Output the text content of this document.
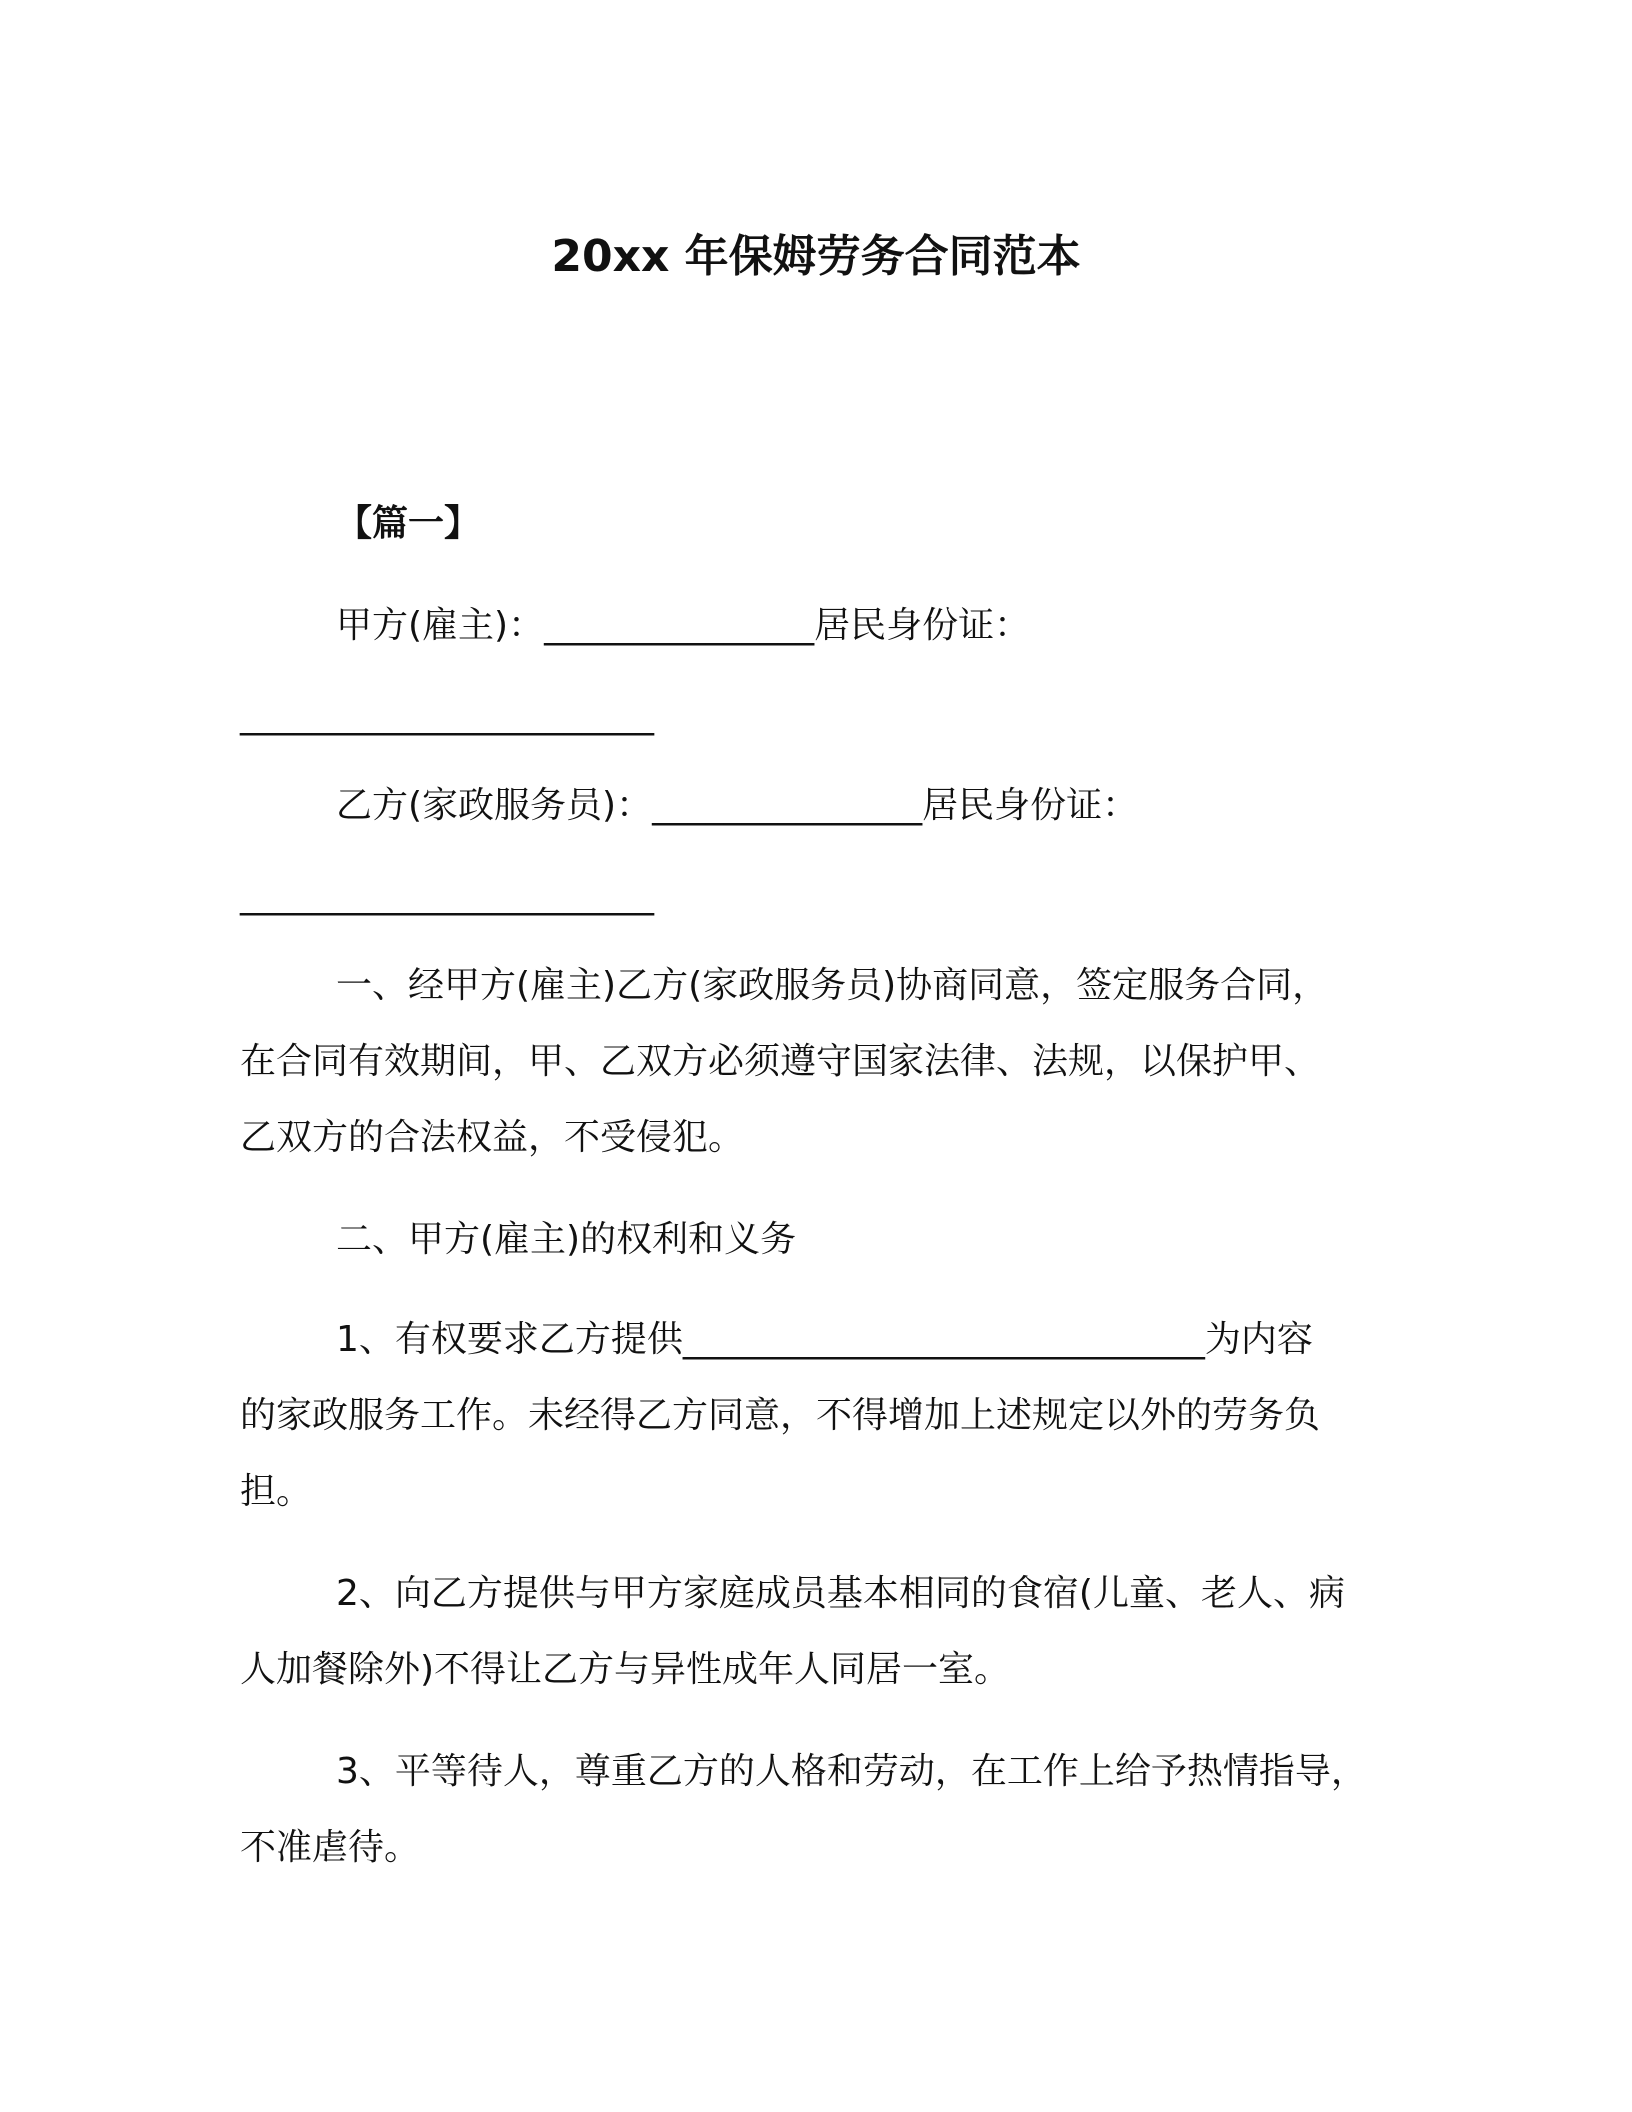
20xx 年保姆劳务合同范本
【篇一】
甲方(雇主)：_______________居民身份证：
_______________________
乙方(家政服务员)：_______________居民身份证：
_______________________
一、经甲方(雇主)乙方(家政服务员)协商同意，签定服务合同，
在合同有效期间，甲、乙双方必须遵守国家法律、法规，以保护甲、
乙双方的合法权益，不受侵犯。
二、甲方(雇主)的权利和义务
1、有权要求乙方提供_____________________________为内容
的家政服务工作。未经得乙方同意，不得增加上述规定以外的劳务负
担。
2、向乙方提供与甲方家庭成员基本相同的食宿(儿童、老人、病
人加餐除外)不得让乙方与异性成年人同居一室。
3、平等待人，尊重乙方的人格和劳动，在工作上给予热情指导，
不准虐待。
